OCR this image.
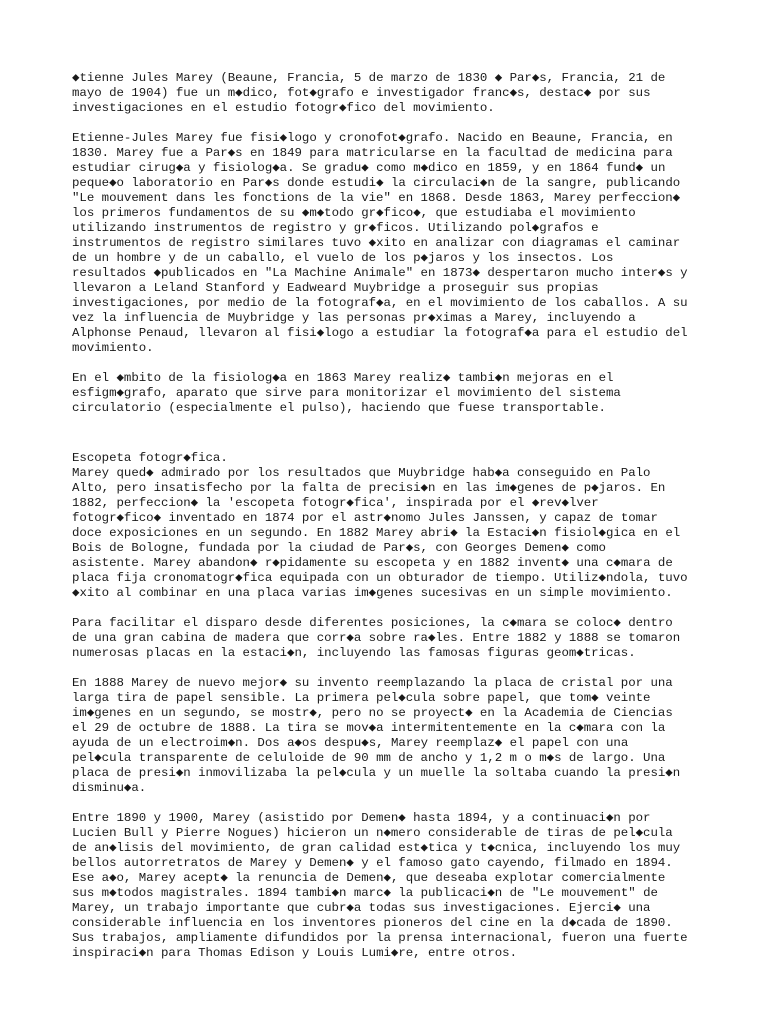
◆tienne Jules Marey (Beaune, Francia, 5 de marzo de 1830 ◆ Par◆s, Francia, 21 de
mayo de 1904) fue un m◆dico, fot◆grafo e investigador franc◆s, destac◆ por sus
investigaciones en el estudio fotogr◆fico del movimiento.

Etienne-Jules Marey fue fisi◆logo y cronofot◆grafo. Nacido en Beaune, Francia, en
1830. Marey fue a Par◆s en 1849 para matricularse en la facultad de medicina para
estudiar cirug◆a y fisiolog◆a. Se gradu◆ como m◆dico en 1859, y en 1864 fund◆ un
peque◆o laboratorio en Par◆s donde estudi◆ la circulaci◆n de la sangre, publicando
"Le mouvement dans les fonctions de la vie" en 1868. Desde 1863, Marey perfeccion◆
los primeros fundamentos de su ◆m◆todo gr◆fico◆, que estudiaba el movimiento
utilizando instrumentos de registro y gr◆ficos. Utilizando pol◆grafos e
instrumentos de registro similares tuvo ◆xito en analizar con diagramas el caminar
de un hombre y de un caballo, el vuelo de los p◆jaros y los insectos. Los
resultados ◆publicados en "La Machine Animale" en 1873◆ despertaron mucho inter◆s y
llevaron a Leland Stanford y Eadweard Muybridge a proseguir sus propias
investigaciones, por medio de la fotograf◆a, en el movimiento de los caballos. A su
vez la influencia de Muybridge y las personas pr◆ximas a Marey, incluyendo a
Alphonse Penaud, llevaron al fisi◆logo a estudiar la fotograf◆a para el estudio del
movimiento.

En el ◆mbito de la fisiolog◆a en 1863 Marey realiz◆ tambi◆n mejoras en el
esfigm◆grafo, aparato que sirve para monitorizar el movimiento del sistema
circulatorio (especialmente el pulso), haciendo que fuese transportable.

Escopeta fotogr◆fica.
Marey qued◆ admirado por los resultados que Muybridge hab◆a conseguido en Palo
Alto, pero insatisfecho por la falta de precisi◆n en las im◆genes de p◆jaros. En
1882, perfeccion◆ la 'escopeta fotogr◆fica', inspirada por el ◆rev◆lver
fotogr◆fico◆ inventado en 1874 por el astr◆nomo Jules Janssen, y capaz de tomar
doce exposiciones en un segundo. En 1882 Marey abri◆ la Estaci◆n fisiol◆gica en el
Bois de Bologne, fundada por la ciudad de Par◆s, con Georges Demen◆ como
asistente. Marey abandon◆ r◆pidamente su escopeta y en 1882 invent◆ una c◆mara de
placa fija cronomatogr◆fica equipada con un obturador de tiempo. Utiliz◆ndola, tuvo
◆xito al combinar en una placa varias im◆genes sucesivas en un simple movimiento.

Para facilitar el disparo desde diferentes posiciones, la c◆mara se coloc◆ dentro
de una gran cabina de madera que corr◆a sobre ra◆les. Entre 1882 y 1888 se tomaron
numerosas placas en la estaci◆n, incluyendo las famosas figuras geom◆tricas.

En 1888 Marey de nuevo mejor◆ su invento reemplazando la placa de cristal por una
larga tira de papel sensible. La primera pel◆cula sobre papel, que tom◆ veinte
im◆genes en un segundo, se mostr◆, pero no se proyect◆ en la Academia de Ciencias
el 29 de octubre de 1888. La tira se mov◆a intermitentemente en la c◆mara con la
ayuda de un electroim◆n. Dos a◆os despu◆s, Marey reemplaz◆ el papel con una
pel◆cula transparente de celuloide de 90 mm de ancho y 1,2 m o m◆s de largo. Una
placa de presi◆n inmovilizaba la pel◆cula y un muelle la soltaba cuando la presi◆n
disminu◆a.

Entre 1890 y 1900, Marey (asistido por Demen◆ hasta 1894, y a continuaci◆n por
Lucien Bull y Pierre Nogues) hicieron un n◆mero considerable de tiras de pel◆cula
de an◆lisis del movimiento, de gran calidad est◆tica y t◆cnica, incluyendo los muy
bellos autorretratos de Marey y Demen◆ y el famoso gato cayendo, filmado en 1894.
Ese a◆o, Marey acept◆ la renuncia de Demen◆, que deseaba explotar comercialmente
sus m◆todos magistrales. 1894 tambi◆n marc◆ la publicaci◆n de "Le mouvement" de
Marey, un trabajo importante que cubr◆a todas sus investigaciones. Ejerci◆ una
considerable influencia en los inventores pioneros del cine en la d◆cada de 1890.
Sus trabajos, ampliamente difundidos por la prensa internacional, fueron una fuerte
inspiraci◆n para Thomas Edison y Louis Lumi◆re, entre otros.
